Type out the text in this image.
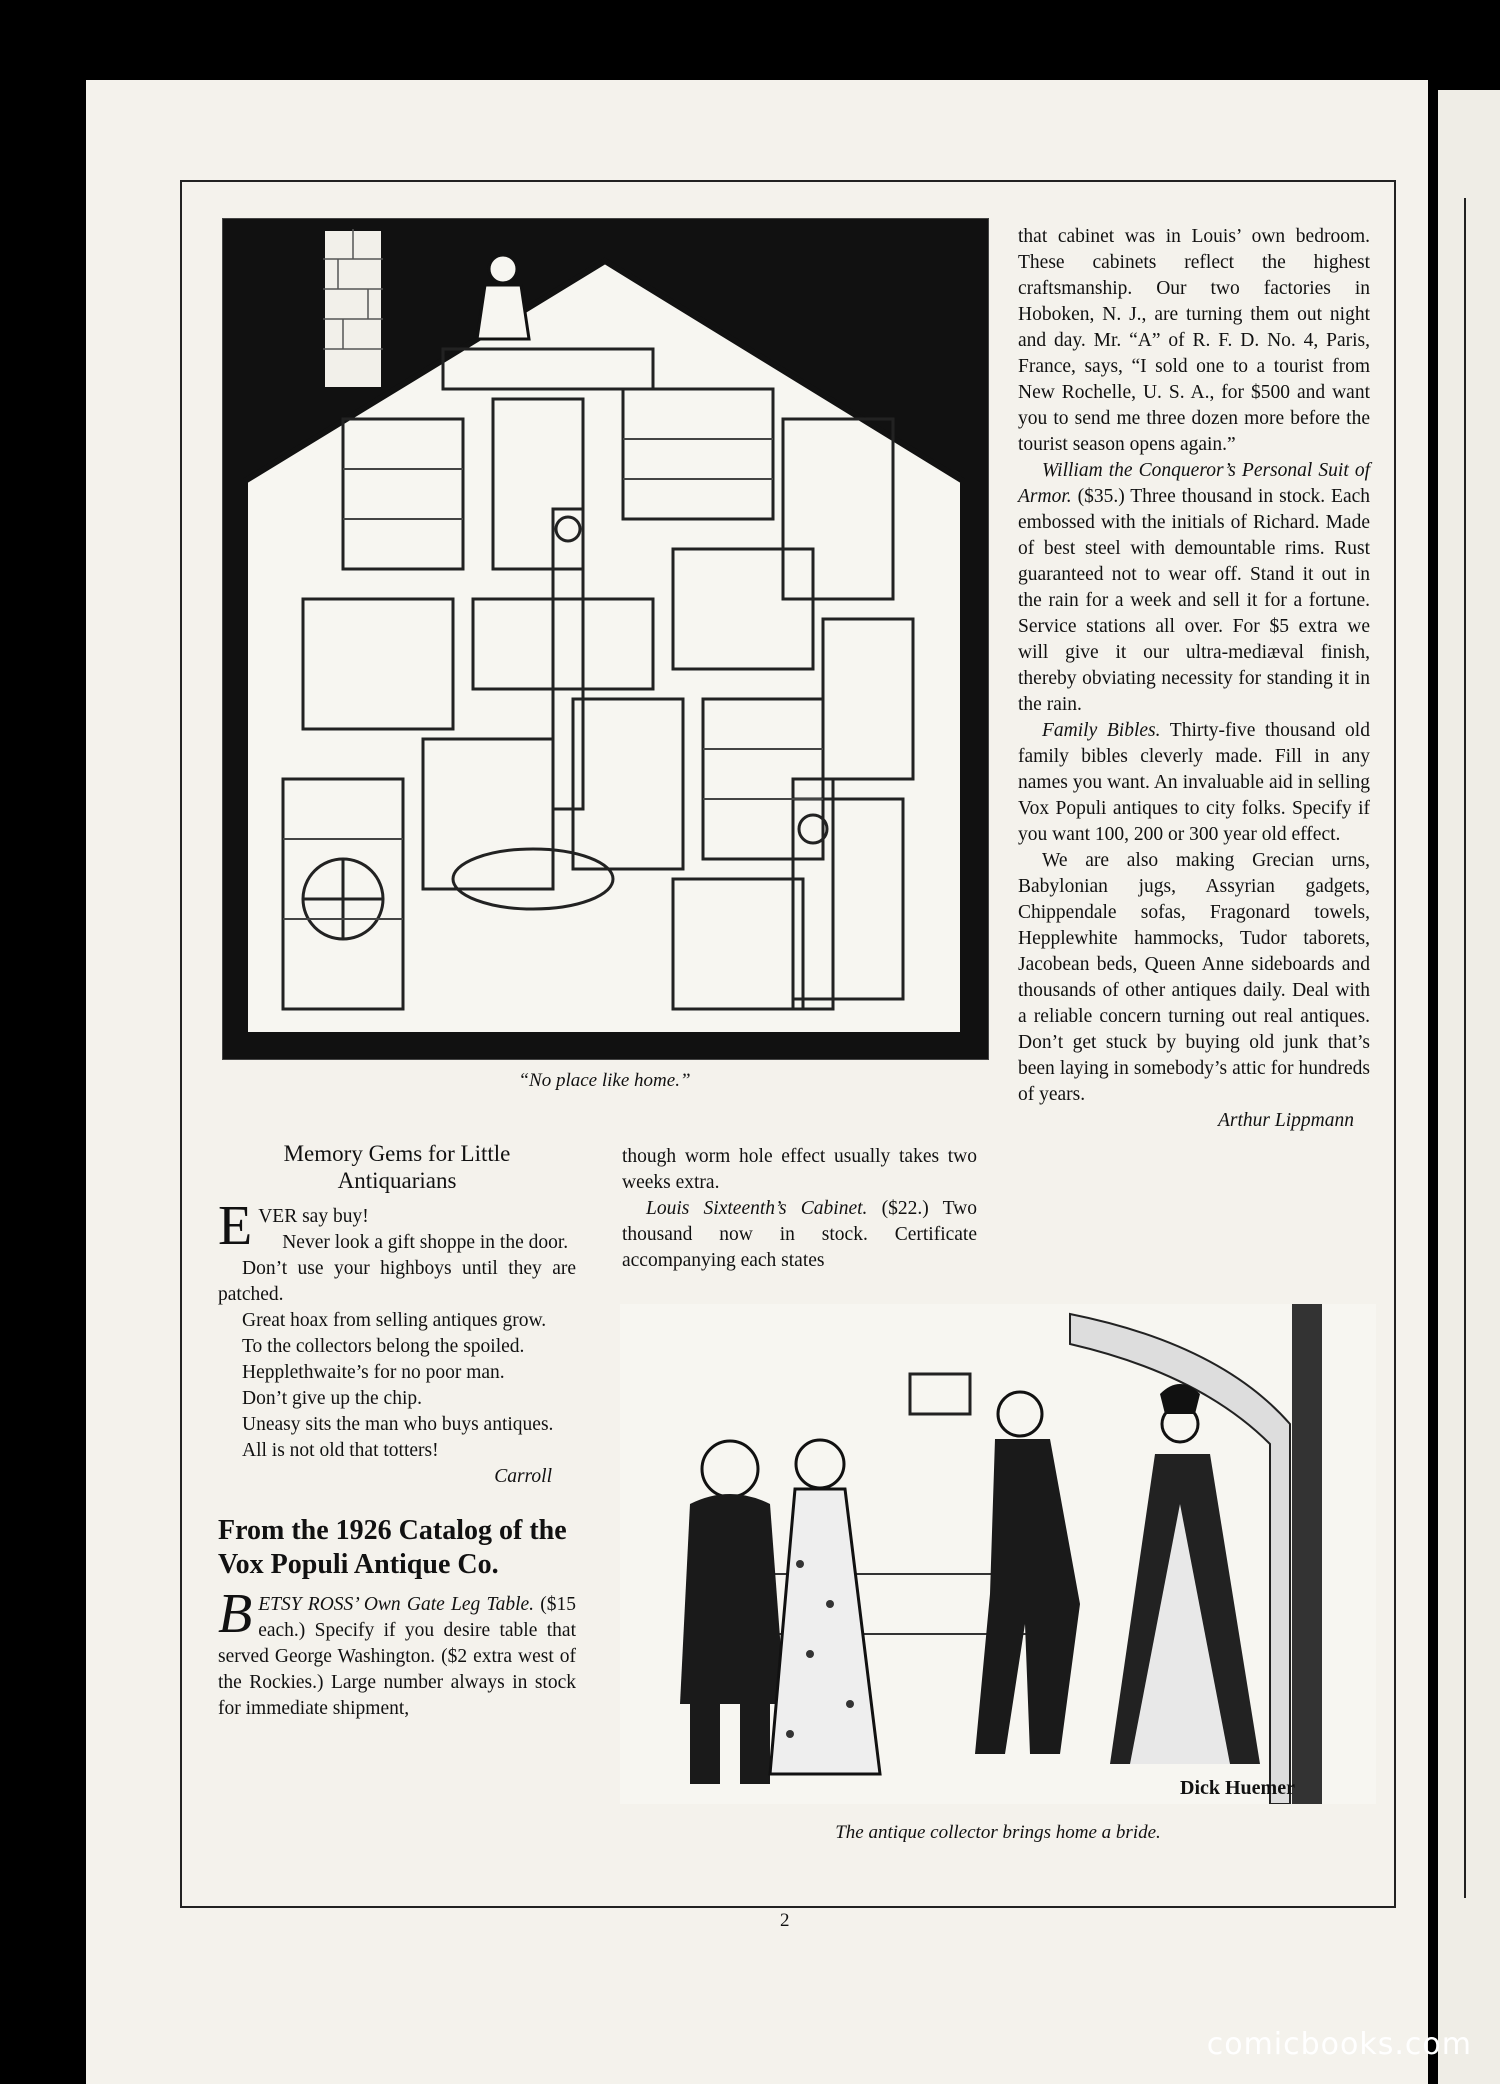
“No place like home.”
Memory Gems for Little Antiquarians

EVER say buy!

Never look a gift shoppe in the door.

Don’t use your highboys until they are patched.

Great hoax from selling antiques grow.

To the collectors belong the spoiled.

Hepplethwaite’s for no poor man.

Don’t give up the chip.

Uneasy sits the man who buys antiques.

All is not old that totters!

Carroll

From the 1926 Catalog of the Vox Populi Antique Co.

BETSY ROSS’ Own Gate Leg Table. ($15 each.) Specify if you desire table that served George Washington. ($2 extra west of the Rockies.) Large number always in stock for immediate shipment,

though worm hole effect usually takes two weeks extra.

Louis Sixteenth’s Cabinet. ($22.) Two thousand now in stock. Certificate accompanying each states

that cabinet was in Louis’ own bedroom. These cabinets reflect the highest craftsmanship. Our two factories in Hoboken, N. J., are turning them out night and day. Mr. “A” of R. F. D. No. 4, Paris, France, says, “I sold one to a tourist from New Rochelle, U. S. A., for $500 and want you to send me three dozen more before the tourist season opens again.”

William the Conqueror’s Personal Suit of Armor. ($35.) Three thousand in stock. Each embossed with the initials of Richard. Made of best steel with demountable rims. Rust guaranteed not to wear off. Stand it out in the rain for a week and sell it for a fortune. Service stations all over. For $5 extra we will give it our ultra-mediæval finish, thereby obviating necessity for standing it in the rain.

Family Bibles. Thirty-five thousand old family bibles cleverly made. Fill in any names you want. An invaluable aid in selling Vox Populi antiques to city folks. Specify if you want 100, 200 or 300 year old effect.

We are also making Grecian urns, Babylonian jugs, Assyrian gadgets, Chippendale sofas, Fragonard towels, Hepplewhite hammocks, Tudor taborets, Jacobean beds, Queen Anne sideboards and thousands of other antiques daily. Deal with a reliable concern turning out real antiques. Don’t get stuck by buying old junk that’s been laying in somebody’s attic for hundreds of years.

Arthur Lippmann

Dick Huemer
The antique collector brings home a bride.
2
comicbooks.com
